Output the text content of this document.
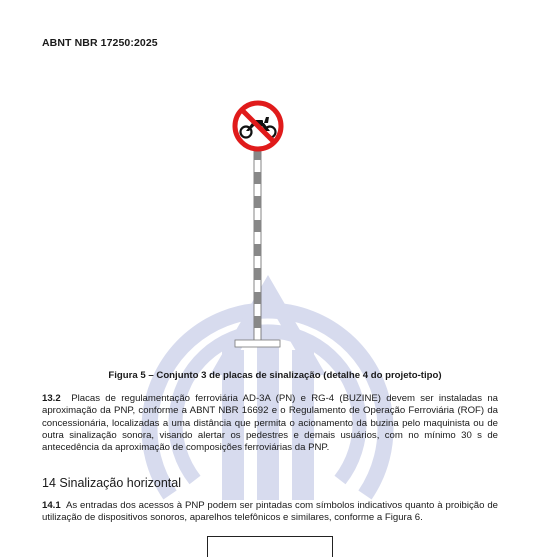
ABNT NBR 17250:2025
Figura 5 – Conjunto 3 de placas de sinalização (detalhe 4 do projeto-tipo)
13.2 Placas de regulamentação ferroviária AD-3A (PN) e RG-4 (BUZINE) devem ser instaladas na aproximação da PNP, conforme a ABNT NBR 16692 e o Regulamento de Operação Ferroviária (ROF) da concessionária, localizadas a uma distância que permita o acionamento da buzina pelo maquinista ou de outra sinalização sonora, visando alertar os pedestres e demais usuários, com no mínimo 30 s de antecedência da aproximação de composições ferroviárias da PNP.
14 Sinalização horizontal
14.1 As entradas dos acessos à PNP podem ser pintadas com símbolos indicativos quanto à proibição de utilização de dispositivos sonoros, aparelhos telefônicos e similares, conforme a Figura 6.
